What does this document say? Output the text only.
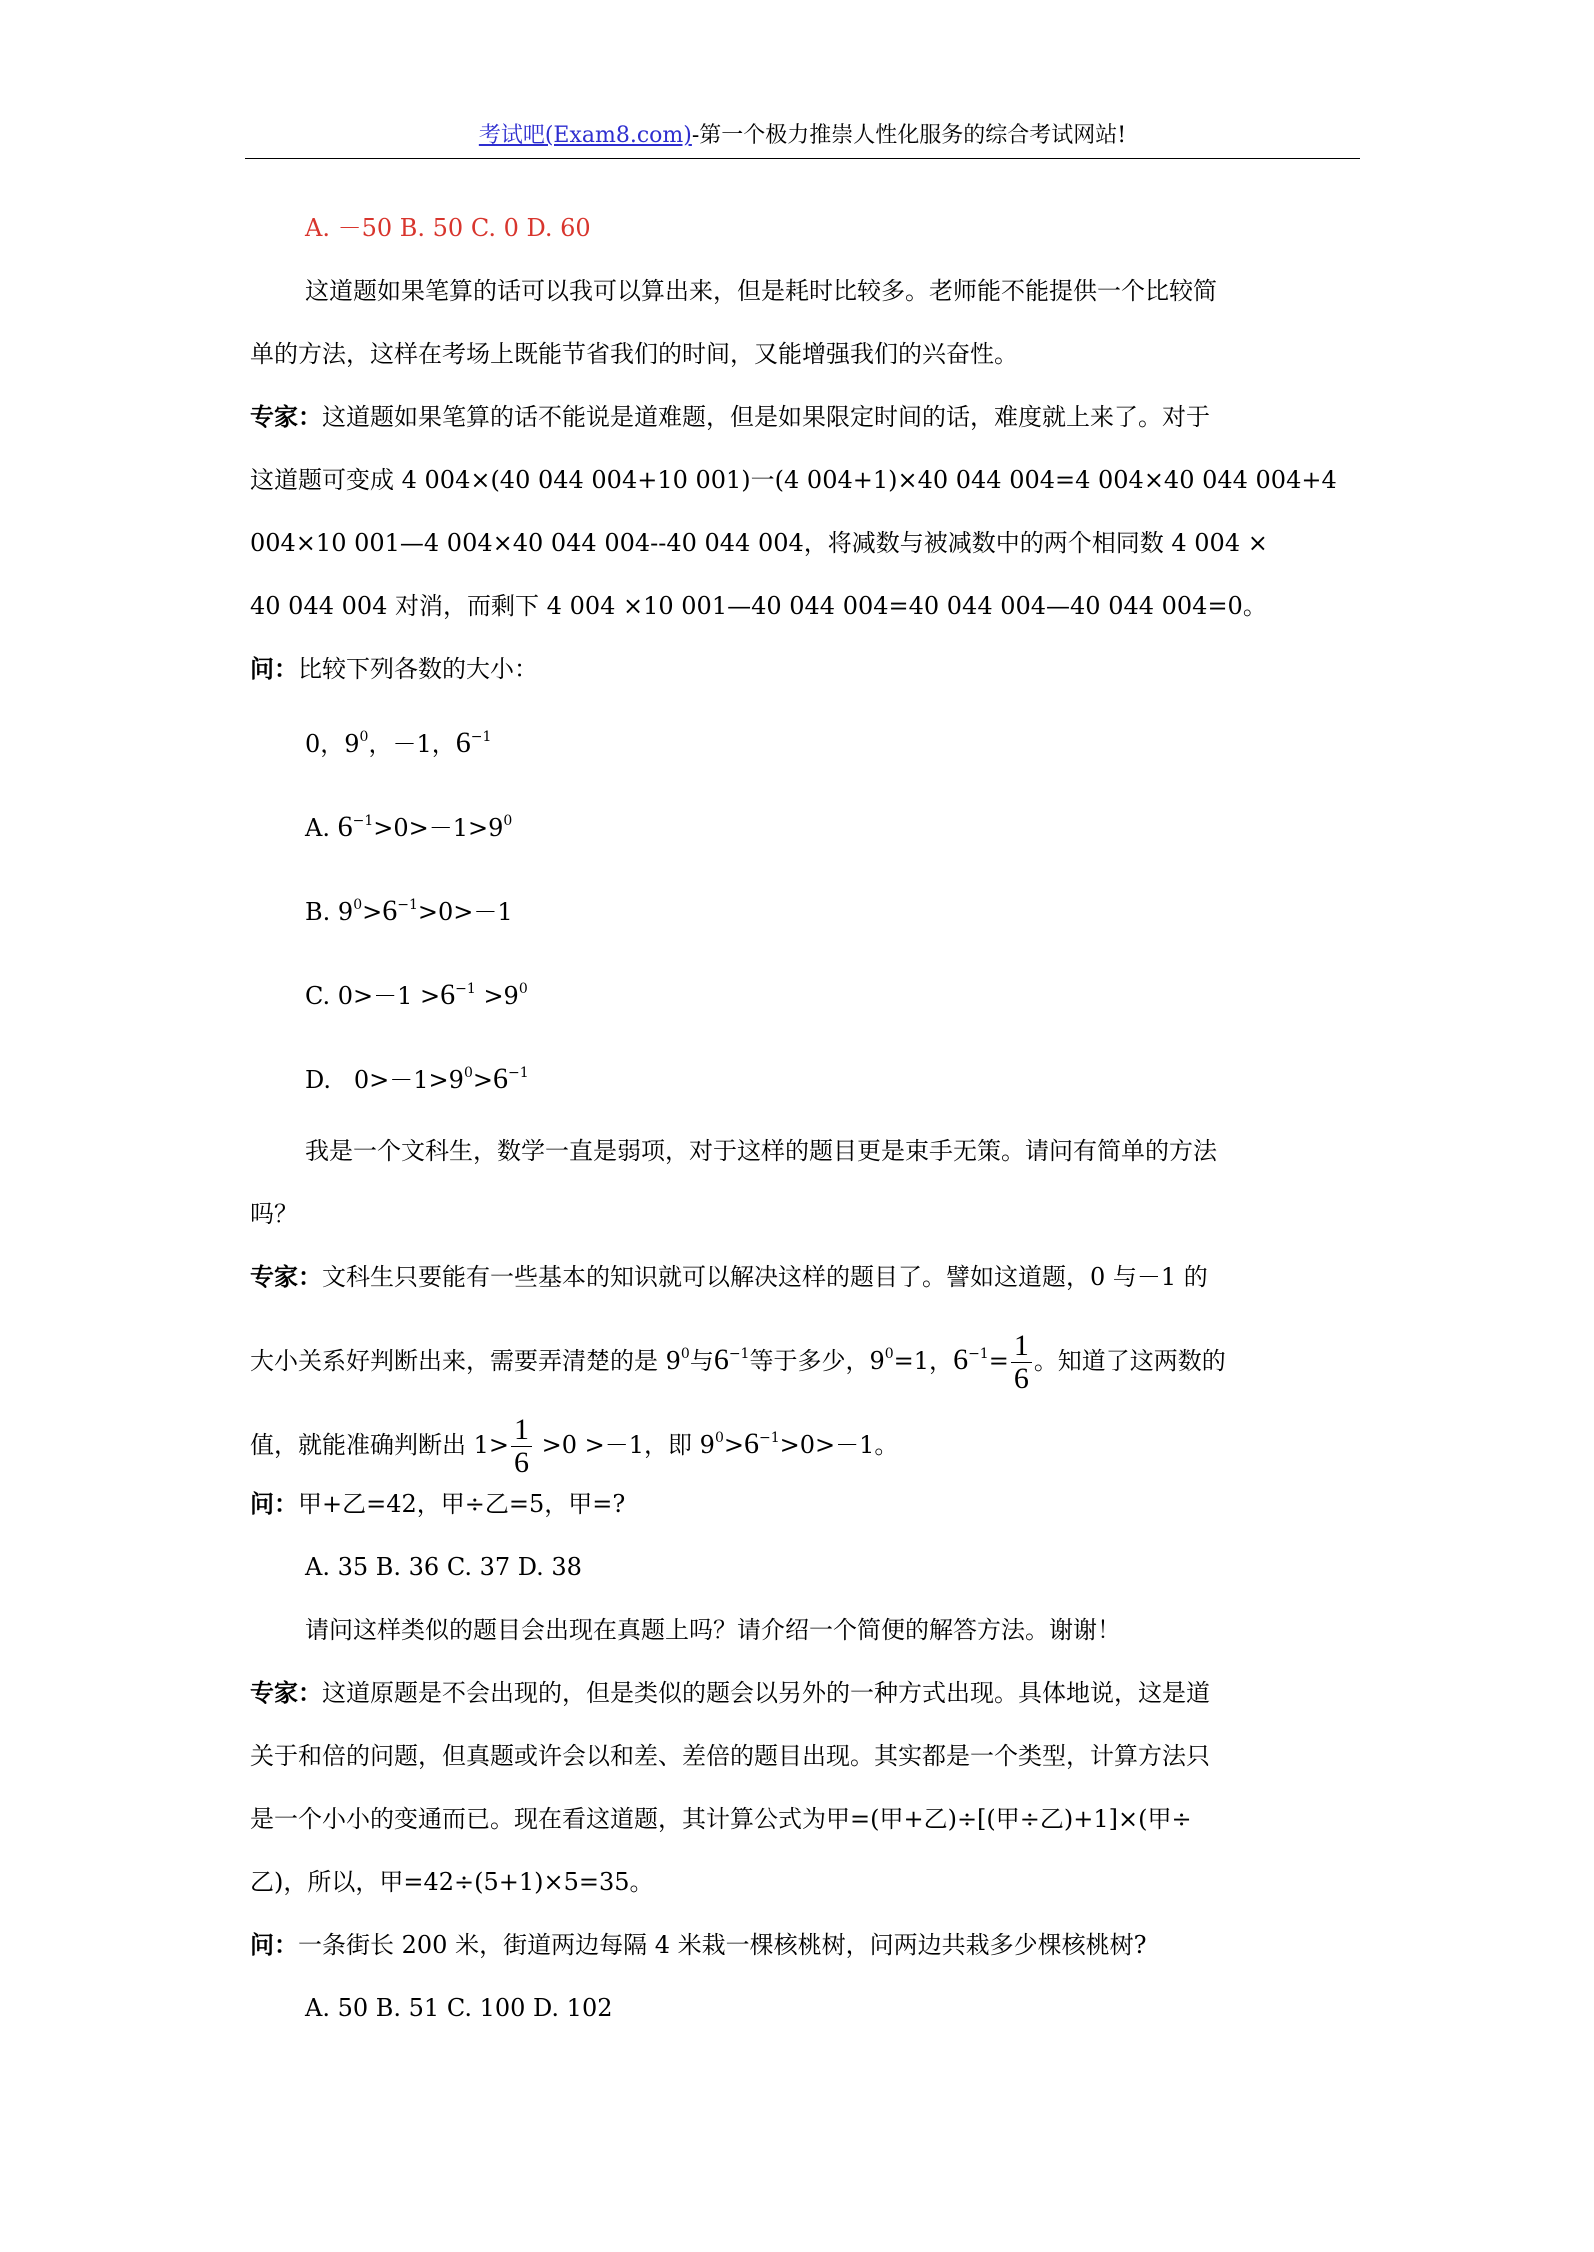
考试吧(Exam8.com)-第一个极力推崇人性化服务的综合考试网站!
A. －50 B. 50 C. 0 D. 60
这道题如果笔算的话可以我可以算出来，但是耗时比较多。老师能不能提供一个比较简
单的方法，这样在考场上既能节省我们的时间，又能增强我们的兴奋性。
专家：这道题如果笔算的话不能说是道难题，但是如果限定时间的话，难度就上来了。对于
这道题可变成 4 004×(40 044 004+10 001)一(4 004+1)×40 044 004=4 004×40 044 004+4
004×10 001—4 004×40 044 004--40 044 004，将减数与被减数中的两个相同数 4 004 ×
40 044 004 对消，而剩下 4 004 ×10 001—40 044 004=40 044 004—40 044 004=0。
问：比较下列各数的大小：
0，$9^0$，－1，$6^{-1}$
A. $6^{-1}>0>-1>9^0$
B. $9^0>6^{-1}>0>-1$
C. $0>-1 >6^{-1} >9^0$
D. $0>-1>9^0>6^{-1}$
我是一个文科生，数学一直是弱项，对于这样的题目更是束手无策。请问有简单的方法
吗？
专家：文科生只要能有一些基本的知识就可以解决这样的题目了。譬如这道题，0 与－1 的
大小关系好判断出来，需要弄清楚的是 $9^0$与$6^{-1}$等于多少，$9^0=1$，$6^{-1}= \frac{1}{6}$ 。知道了这两数的
值，就能准确判断出 $1> \frac{1}{6} >0 >-1$，即 $9^0>6^{-1}>0>-1$。
问：甲+乙=42，甲÷乙=5，甲=?
A. 35 B. 36 C. 37 D. 38
请问这样类似的题目会出现在真题上吗？请介绍一个简便的解答方法。谢谢！
专家：这道原题是不会出现的，但是类似的题会以另外的一种方式出现。具体地说，这是道
关于和倍的问题，但真题或许会以和差、差倍的题目出现。其实都是一个类型，计算方法只
是一个小小的变通而已。现在看这道题，其计算公式为甲=(甲+乙)÷[(甲÷乙)+1]×(甲÷
乙)，所以，甲=42÷(5+1)×5=35。
问：一条街长 200 米，街道两边每隔 4 米栽一棵核桃树，问两边共栽多少棵核桃树?
A. 50 B. 51 C. 100 D. 102
